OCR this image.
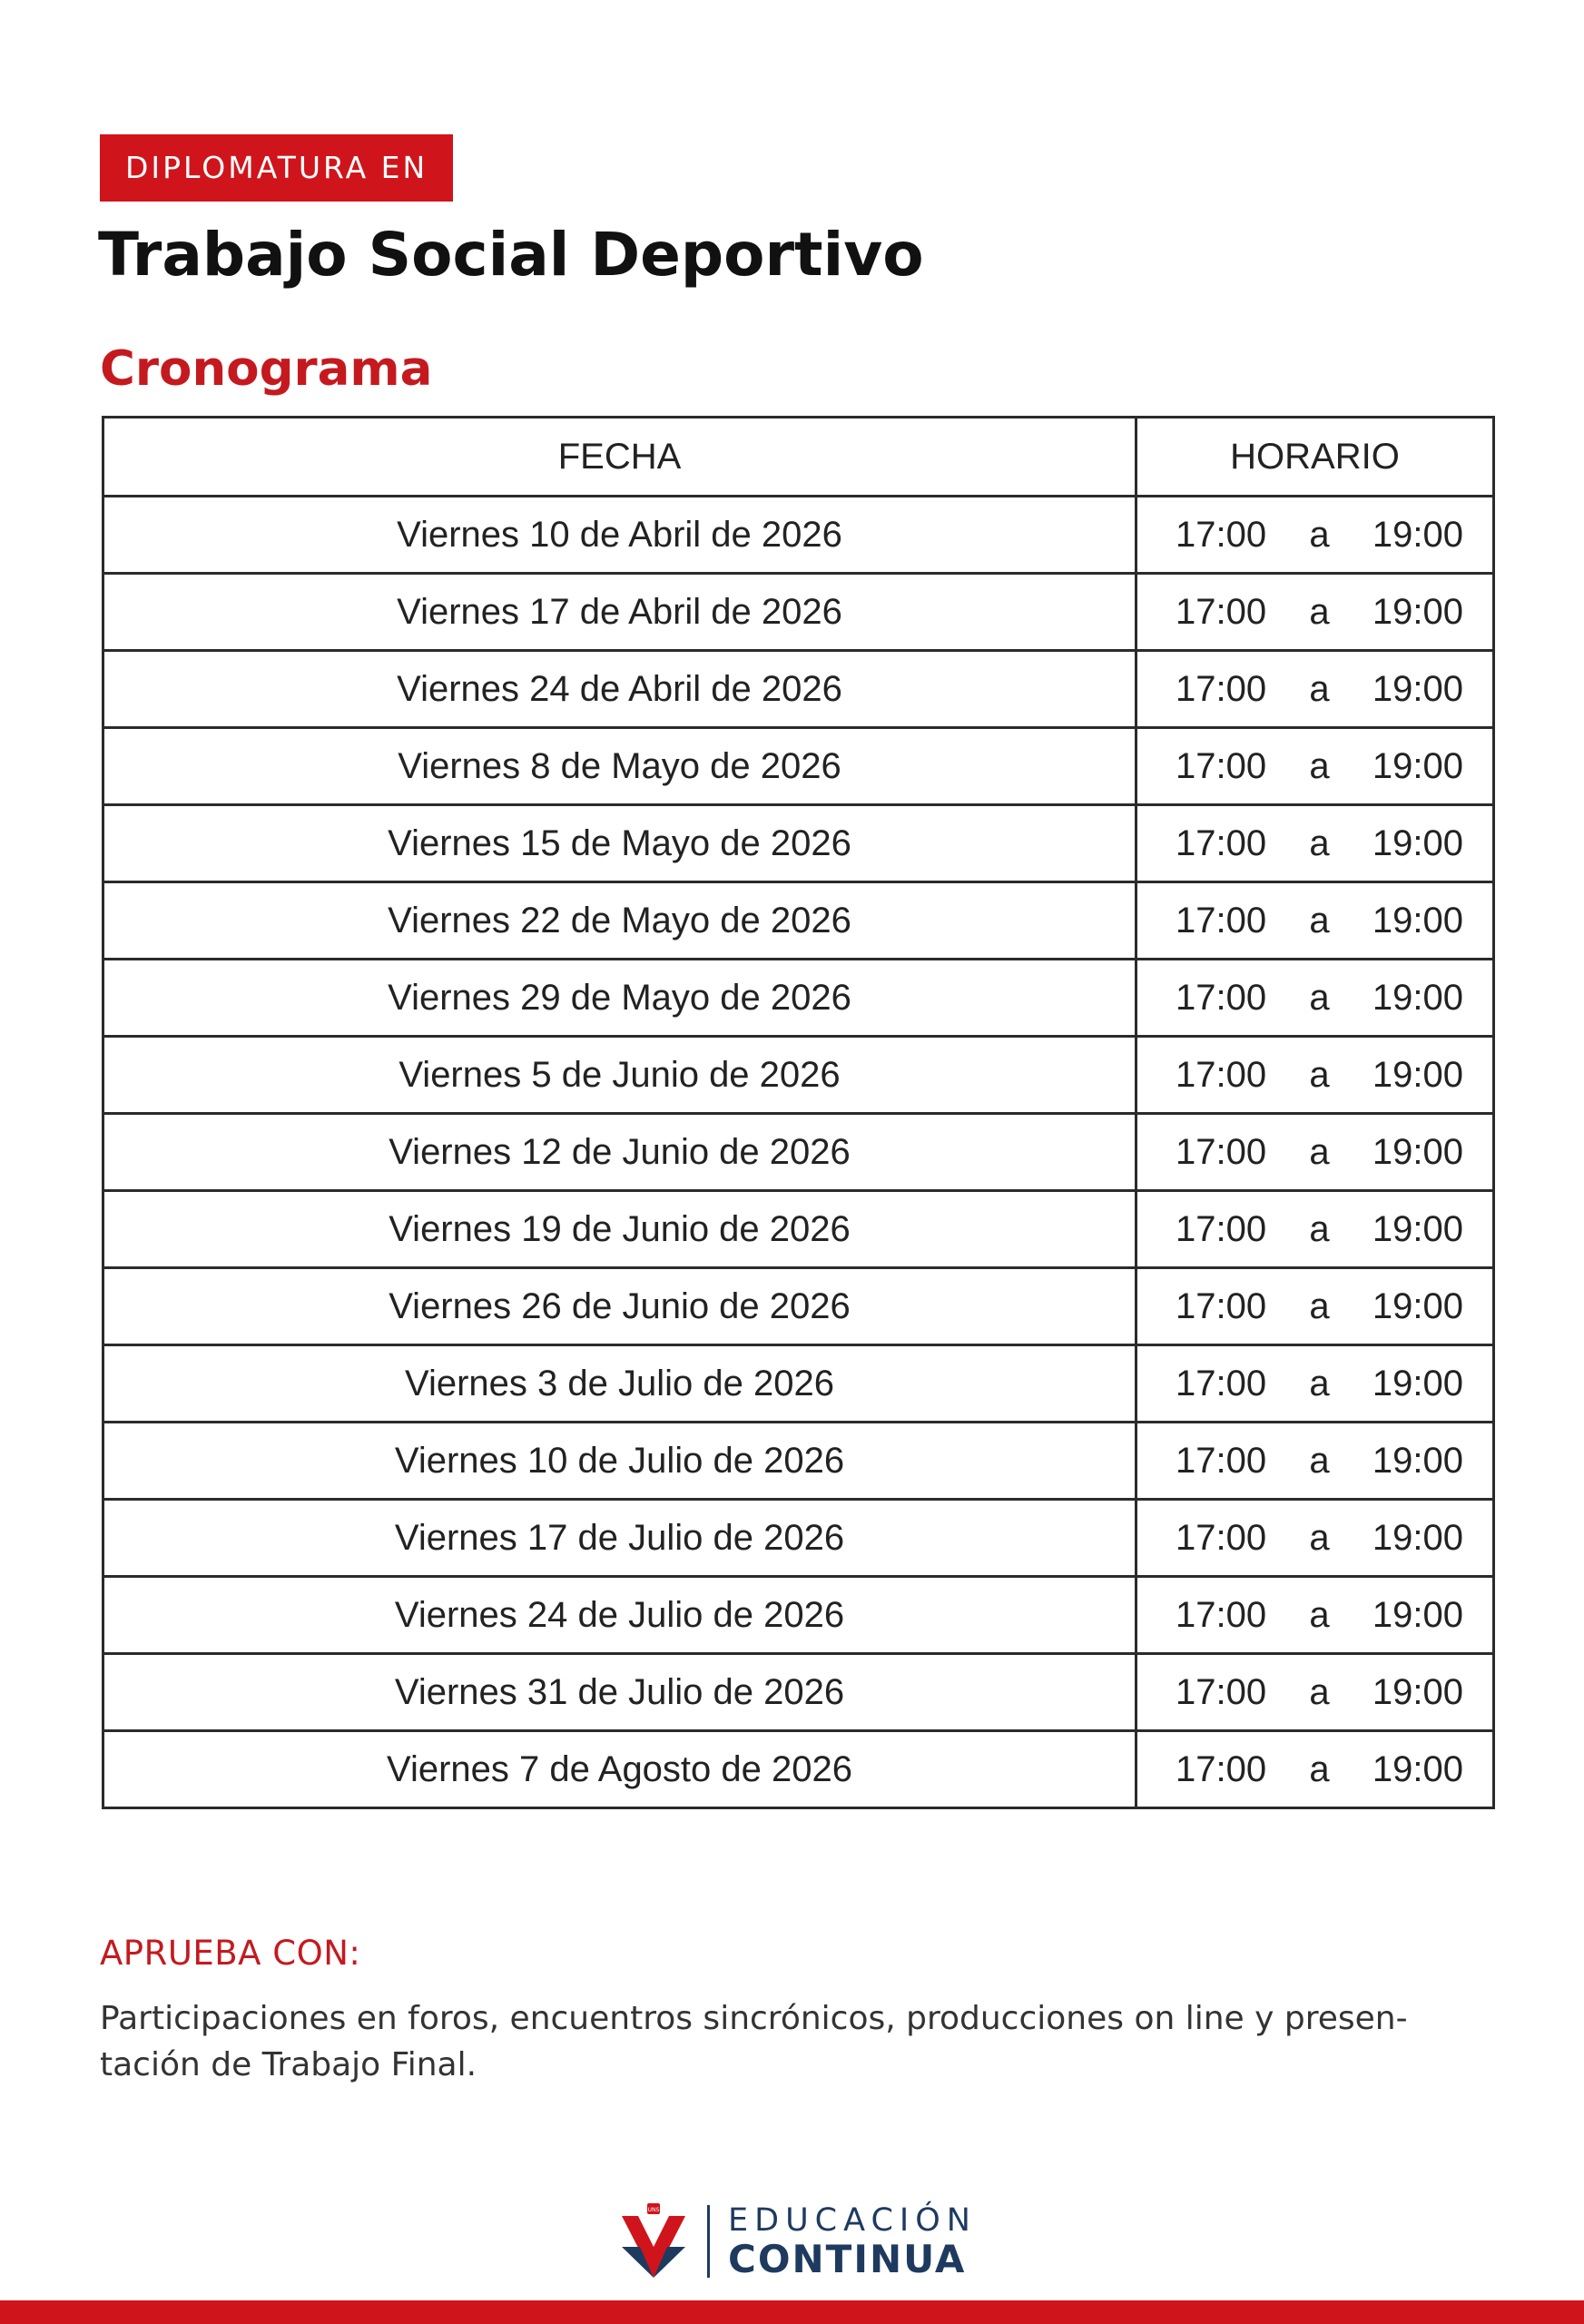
DIPLOMATURA EN
Trabajo Social Deportivo
Cronograma
FECHA	HORARIO
Viernes 10 de Abril de 2026	17:00 a 19:00

Viernes 17 de Abril de 2026	17:00 a 19:00

Viernes 24 de Abril de 2026	17:00 a 19:00

Viernes 8 de Mayo de 2026	17:00 a 19:00

Viernes 15 de Mayo de 2026	17:00 a 19:00

Viernes 22 de Mayo de 2026	17:00 a 19:00

Viernes 29 de Mayo de 2026	17:00 a 19:00

Viernes 5 de Junio de 2026	17:00 a 19:00

Viernes 12 de Junio de 2026	17:00 a 19:00

Viernes 19 de Junio de 2026	17:00 a 19:00

Viernes 26 de Junio de 2026	17:00 a 19:00

Viernes 3 de Julio de 2026	17:00 a 19:00

Viernes 10 de Julio de 2026	17:00 a 19:00

Viernes 17 de Julio de 2026	17:00 a 19:00

Viernes 24 de Julio de 2026	17:00 a 19:00

Viernes 31 de Julio de 2026	17:00 a 19:00

Viernes 7 de Agosto de 2026	17:00 a 19:00
APRUEBA CON:

Participaciones en foros, encuentros sincrónicos, producciones on line y presen-tación de Trabajo Final.

UNS EDUCACIÓN
CONTINUA
